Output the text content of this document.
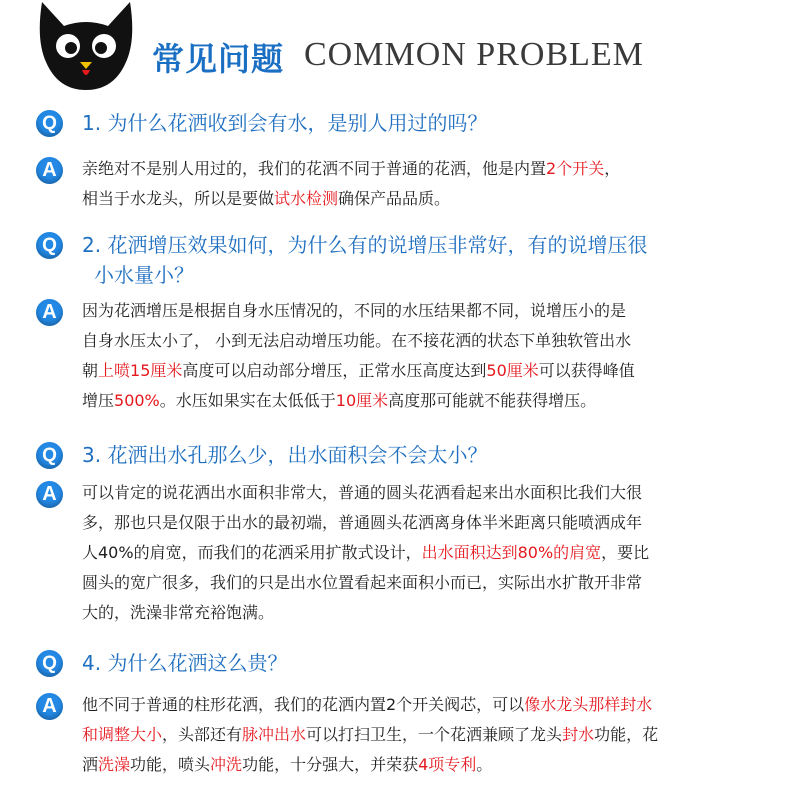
常见问题 COMMON PROBLEM
Q	1. 为什么花洒收到会有水，是别人用过的吗？
A	亲绝对不是别人用过的，我们的花洒不同于普通的花洒，他是内置2个开关，
相当于水龙头，所以是要做试水检测确保产品品质。
Q	2. 花洒增压效果如何，为什么有的说增压非常好，有的说增压很
小水量小？
A	因为花洒增压是根据自身水压情况的，不同的水压结果都不同，说增压小的是
自身水压太小了， 小到无法启动增压功能。在不接花洒的状态下单独软管出水
朝上喷15厘米高度可以启动部分增压，正常水压高度达到50厘米可以获得峰值
增压500%。水压如果实在太低低于10厘米高度那可能就不能获得增压。
Q	3. 花洒出水孔那么少，出水面积会不会太小？
A	可以肯定的说花洒出水面积非常大，普通的圆头花洒看起来出水面积比我们大很
多，那也只是仅限于出水的最初端，普通圆头花洒离身体半米距离只能喷洒成年
人40%的肩宽，而我们的花洒采用扩散式设计，出水面积达到80%的肩宽，要比
圆头的宽广很多，我们的只是出水位置看起来面积小而已，实际出水扩散开非常
大的，洗澡非常充裕饱满。
Q	4. 为什么花洒这么贵？
A	他不同于普通的柱形花洒，我们的花洒内置2个开关阀芯，可以像水龙头那样封水
和调整大小，头部还有脉冲出水可以打扫卫生，一个花洒兼顾了龙头封水功能，花
洒洗澡功能，喷头冲洗功能，十分强大，并荣获4项专利。
